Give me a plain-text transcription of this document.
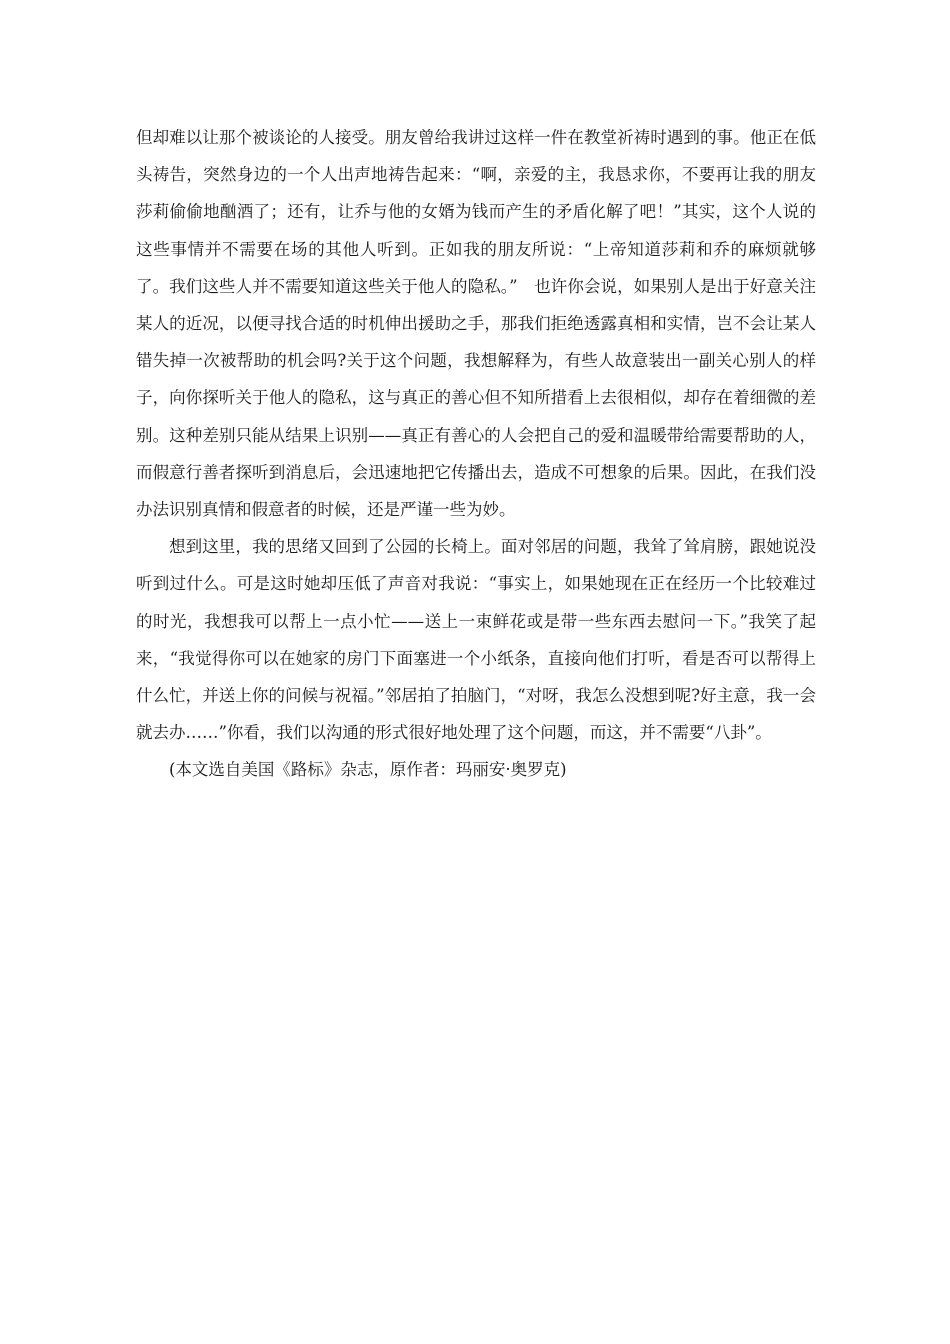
但却难以让那个被谈论的人接受。朋友曾给我讲过这样一件在教堂祈祷时遇到的事。他正在低头祷告，突然身边的一个人出声地祷告起来：“啊，亲爱的主，我恳求你，不要再让我的朋友莎莉偷偷地酗酒了；还有，让乔与他的女婿为钱而产生的矛盾化解了吧！”其实，这个人说的这些事情并不需要在场的其他人听到。正如我的朋友所说：“上帝知道莎莉和乔的麻烦就够了。我们这些人并不需要知道这些关于他人的隐私。”　也许你会说，如果别人是出于好意关注某人的近况，以便寻找合适的时机伸出援助之手，那我们拒绝透露真相和实情，岂不会让某人错失掉一次被帮助的机会吗?关于这个问题，我想解释为，有些人故意装出一副关心别人的样子，向你探听关于他人的隐私，这与真正的善心但不知所措看上去很相似，却存在着细微的差别。这种差别只能从结果上识别——真正有善心的人会把自己的爱和温暖带给需要帮助的人，而假意行善者探听到消息后，会迅速地把它传播出去，造成不可想象的后果。因此，在我们没办法识别真情和假意者的时候，还是严谨一些为妙。

想到这里，我的思绪又回到了公园的长椅上。面对邻居的问题，我耸了耸肩膀，跟她说没听到过什么。可是这时她却压低了声音对我说：“事实上，如果她现在正在经历一个比较难过的时光，我想我可以帮上一点小忙——送上一束鲜花或是带一些东西去慰问一下。”我笑了起来，“我觉得你可以在她家的房门下面塞进一个小纸条，直接向他们打听，看是否可以帮得上什么忙，并送上你的问候与祝福。”邻居拍了拍脑门，“对呀，我怎么没想到呢?好主意，我一会就去办……”你看，我们以沟通的形式很好地处理了这个问题，而这，并不需要“八卦”。

(本文选自美国《路标》杂志，原作者：玛丽安·奥罗克)
